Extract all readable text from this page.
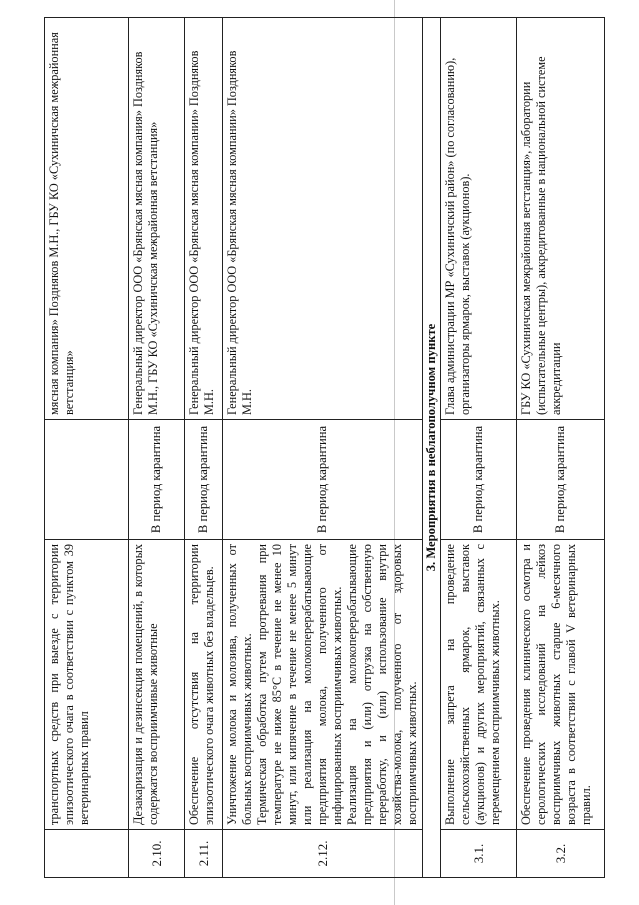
	транспортных средств при выезде с территории эпизоотического очага в соответствии с пунктом 39 ветеринарных правил		мясная компания» Поздняков М.Н., ГБУ КО «Сухиничская межрайонная ветстанция»
2.10.	Дезакаризация и дезинсекция помещений, в которых содержатся восприимчивые животные	В период карантина	Генеральный директор ООО «Брянская мясная компания» Поздняков М.Н., ГБУ КО «Сухиничская межрайонная ветстанция»
2.11.	Обеспечение отсутствия на территории эпизоотического очага животных без владельцев.	В период карантина	Генеральный директор ООО «Брянская мясная компании» Поздняков М.Н.
2.12.	Уничтожение молока и молозива, полученных от больных восприимчивых животных. Термическая обработка путем протревания при температуре не ниже 85°С в течение не менее 10 минут, или кипячение в течение не менее 5 минут или реализация на молокоперерабатывающие предприятия молока, полученного от инфицированных восприимчивых животных. Реализация на молокоперерабатывающие предприятия и (или) отгрузка на собственную переработку, и (или) использование внутри хозяйства-молока, полученного от здоровых восприимчивых животных.	В период карантина	Генеральный директор ООО «Брянская мясная компании» Поздняков М.Н.
3. Мероприятия в неблагополучном пункте			
3.1.	Выполнение запрета на проведение сельскохозяйственных ярмарок, выставок (аукционов) и других мероприятий, связанных с перемещением восприимчивых животных.	В период карантина	Глава администрации МР «Сухиничский район» (по согласованию), организаторы ярмарок, выставок (аукционов).
3.2.	Обеспечение проведения клинического осмотра и серологических исследований на лейкоз восприимчивых животных старше 6-месячного возраста в соответствии с главой V ветеринарных правил.	В период карантина	ГБУ КО «Сухиничская межрайонная ветстанция», лаборатории (испытательные центры), аккредитованные в национальной системе аккредитации
